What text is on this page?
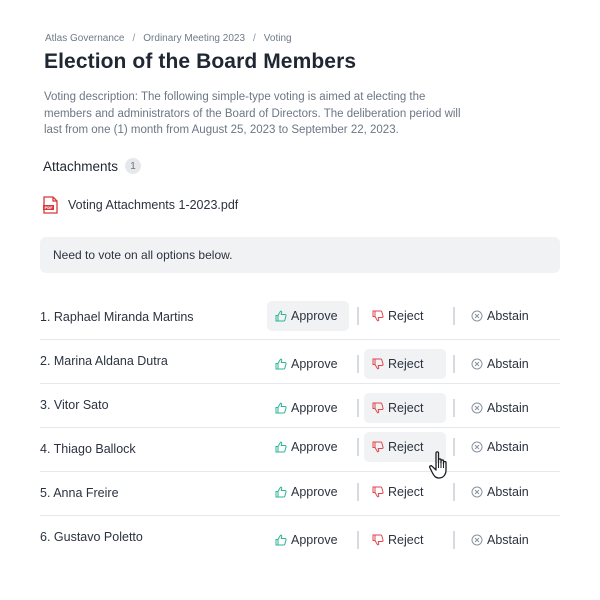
Atlas Governance / Ordinary Meeting 2023 / Voting
Election of the Board Members

Voting description: The following simple-type voting is aimed at electing the members and administrators of the Board of Directors. The deliberation period will last from one (1) month from August 25, 2023 to September 22, 2023.

Attachments	1
PDF Voting Attachments 1-2023.pdf
Need to vote on all options below.
1. Raphael Miranda Martins	Approve	Reject	Abstain
2. Marina Aldana Dutra	Approve	Reject	Abstain
3. Vitor Sato	Approve	Reject	Abstain
4. Thiago Ballock	Approve	Reject	Abstain
5. Anna Freire	Approve	Reject	Abstain
6. Gustavo Poletto	Approve	Reject	Abstain
